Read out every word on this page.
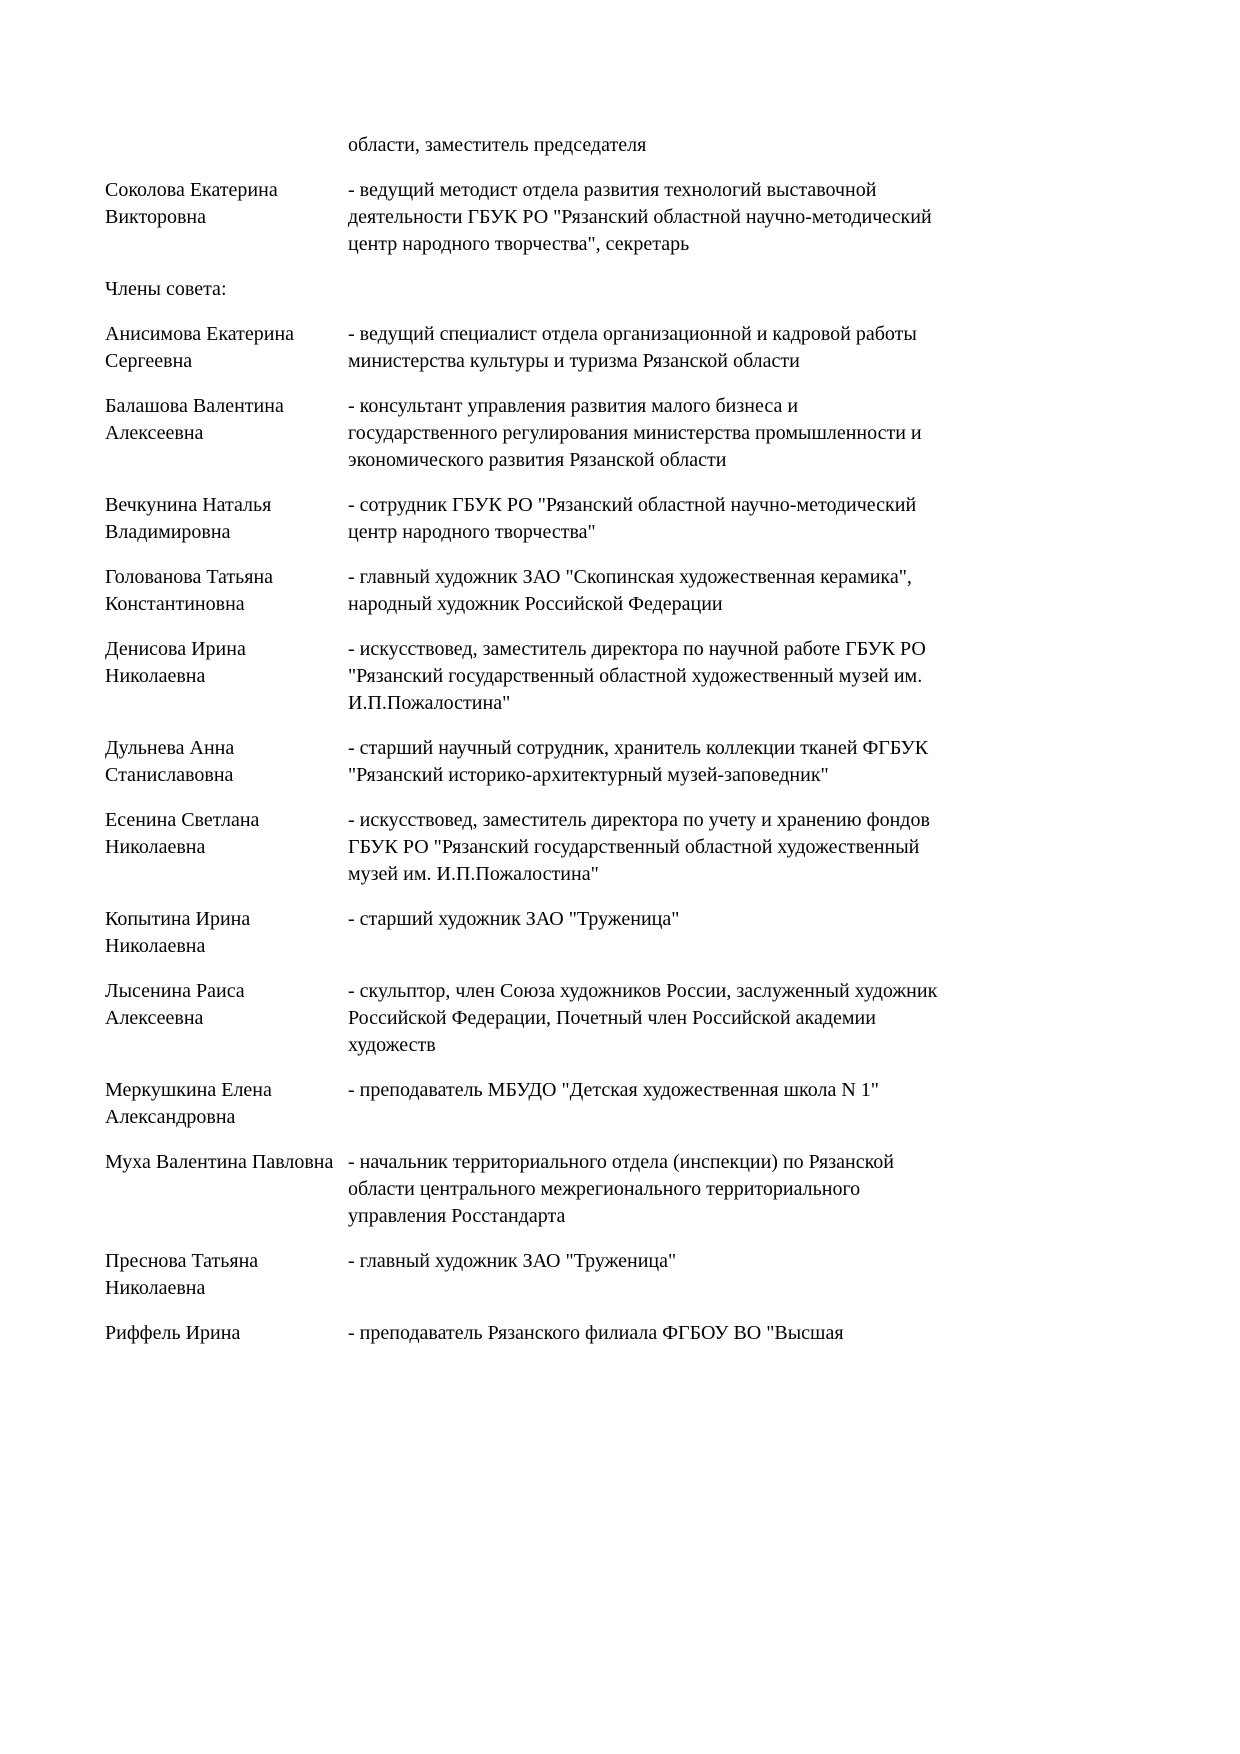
области, заместитель председателя
Соколова Екатерина Викторовна
- ведущий методист отдела развития технологий выставочной деятельности ГБУК РО "Рязанский областной научно-методический центр народного творчества", секретарь
Члены совета:
Анисимова Екатерина Сергеевна
- ведущий специалист отдела организационной и кадровой работы министерства культуры и туризма Рязанской области
Балашова Валентина Алексеевна
- консультант управления развития малого бизнеса и государственного регулирования министерства промышленности и экономического развития Рязанской области
Вечкунина Наталья Владимировна
- сотрудник ГБУК РО "Рязанский областной научно-методический центр народного творчества"
Голованова Татьяна Константиновна
- главный художник ЗАО "Скопинская художественная керамика", народный художник Российской Федерации
Денисова Ирина Николаевна
- искусствовед, заместитель директора по научной работе ГБУК РО "Рязанский государственный областной художественный музей им. И.П.Пожалостина"
Дульнева Анна Станиславовна
- старший научный сотрудник, хранитель коллекции тканей ФГБУК "Рязанский историко-архитектурный музей-заповедник"
Есенина Светлана Николаевна
- искусствовед, заместитель директора по учету и хранению фондов ГБУК РО "Рязанский государственный областной художественный музей им. И.П.Пожалостина"
Копытина Ирина Николаевна
- старший художник ЗАО "Труженица"
Лысенина Раиса Алексеевна
- скульптор, член Союза художников России, заслуженный художник Российской Федерации, Почетный член Российской академии художеств
Меркушкина Елена Александровна
- преподаватель МБУДО "Детская художественная школа N 1"
Муха Валентина Павловна - начальник территориального отдела (инспекции) по Рязанской области центрального межрегионального территориального управления Росстандарта
Преснова Татьяна Николаевна
- главный художник ЗАО "Труженица"
Риффель Ирина	- преподаватель Рязанского филиала ФГБОУ ВО "Высшая
